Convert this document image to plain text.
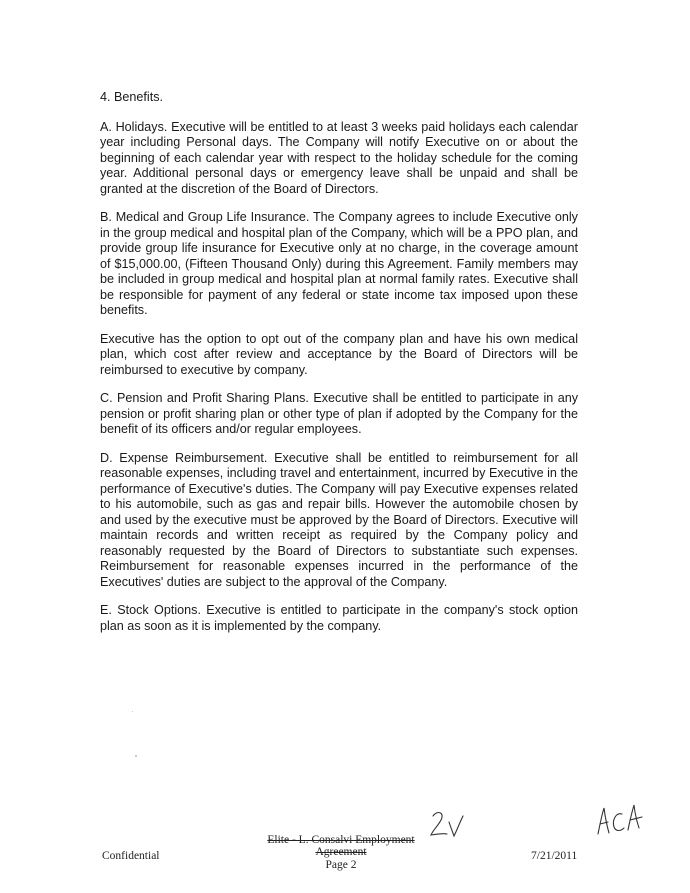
4. Benefits.

A. Holidays. Executive will be entitled to at least 3 weeks paid holidays each calendar year including Personal days. The Company will notify Executive on or about the beginning of each calendar year with respect to the holiday schedule for the coming year. Additional personal days or emergency leave shall be unpaid and shall be granted at the discretion of the Board of Directors.

B. Medical and Group Life Insurance. The Company agrees to include Executive only in the group medical and hospital plan of the Company, which will be a PPO plan, and provide group life insurance for Executive only at no charge, in the coverage amount of $15,000.00, (Fifteen Thousand Only) during this Agreement. Family members may be included in group medical and hospital plan at normal family rates. Executive shall be responsible for payment of any federal or state income tax imposed upon these benefits.

Executive has the option to opt out of the company plan and have his own medical plan, which cost after review and acceptance by the Board of Directors will be reimbursed to executive by company.

C. Pension and Profit Sharing Plans. Executive shall be entitled to participate in any pension or profit sharing plan or other type of plan if adopted by the Company for the benefit of its officers and/or regular employees.

D. Expense Reimbursement. Executive shall be entitled to reimbursement for all reasonable expenses, including travel and entertainment, incurred by Executive in the performance of Executive's duties. The Company will pay Executive expenses related to his automobile, such as gas and repair bills. However the automobile chosen by and used by the executive must be approved by the Board of Directors. Executive will maintain records and written receipt as required by the Company policy and reasonably requested by the Board of Directors to substantiate such expenses. Reimbursement for reasonable expenses incurred in the performance of the Executives' duties are subject to the approval of the Company.

E. Stock Options. Executive is entitled to participate in the company's stock option plan as soon as it is implemented by the company.

Confidential
Elite - L. Consalvi Employment Agreement
Page 2
7/21/2011
